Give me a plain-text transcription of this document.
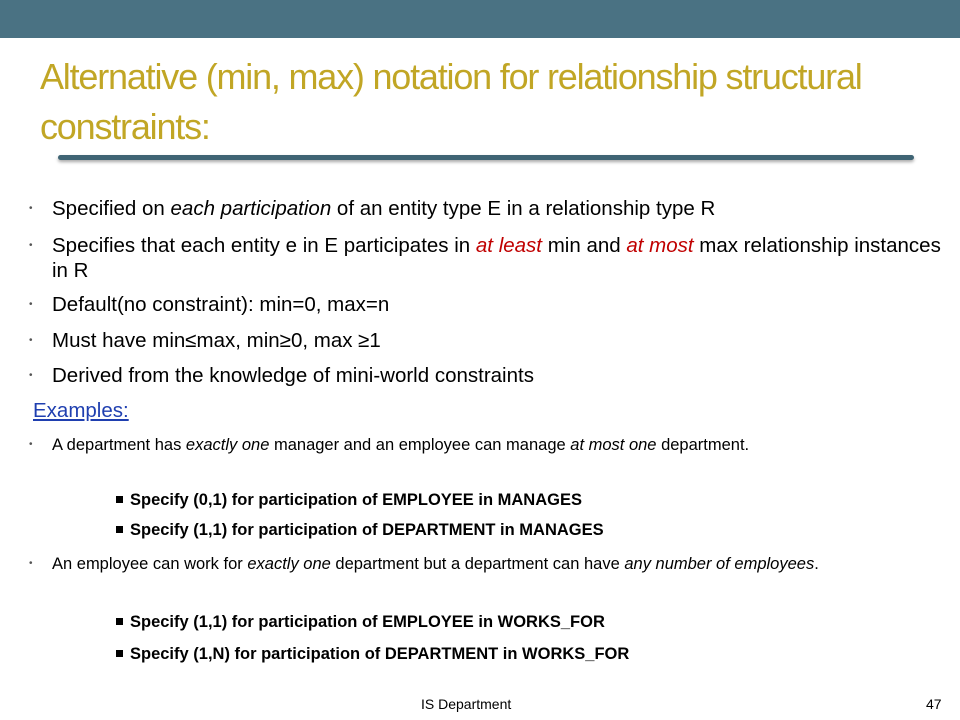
Alternative (min, max) notation for relationship structural constraints:
• Specified on each participation of an entity type E in a relationship type R
• Specifies that each entity e in E participates in at least min and at most max relationship instances in R
• Default(no constraint): min=0, max=n
• Must have min≤max, min≥0, max ≥1
• Derived from the knowledge of mini-world constraints
Examples:
• A department has exactly one manager and an employee can manage at most one department.
Specify (0,1) for participation of EMPLOYEE in MANAGES
Specify (1,1) for participation of DEPARTMENT in MANAGES
• An employee can work for exactly one department but a department can have any number of employees.
Specify (1,1) for participation of EMPLOYEE in WORKS_FOR
Specify (1,N) for participation of DEPARTMENT in WORKS_FOR
IS Department	47
